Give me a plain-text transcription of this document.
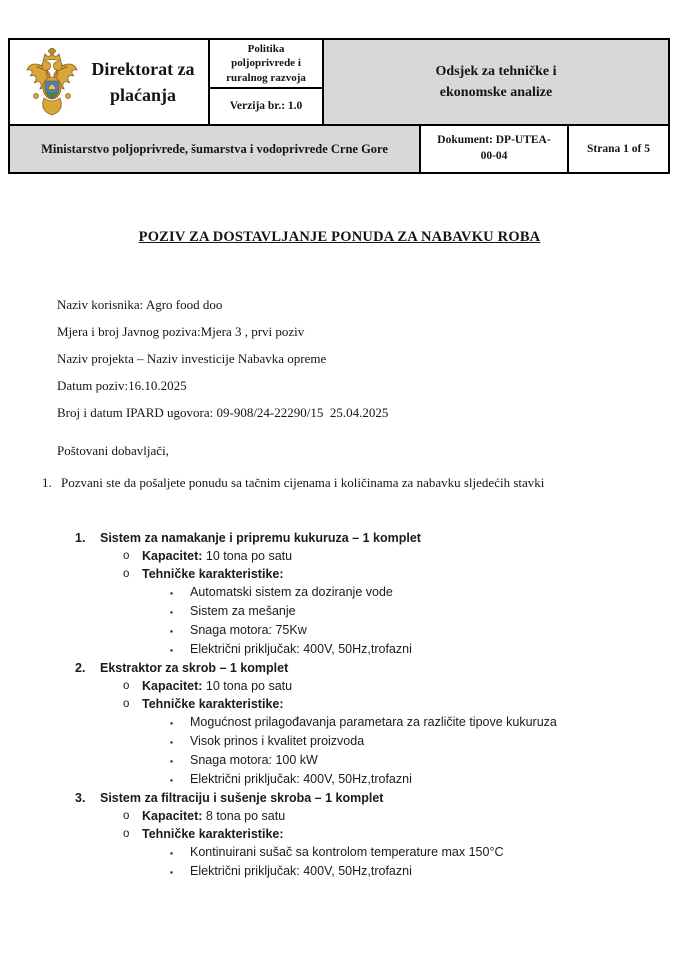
Direktorat za plaćanja
Politika poljoprivrede i ruralnog razvoja
Verzija br.: 1.0
Odsjek za tehničke i ekonomske analize
Ministarstvo poljoprivrede, šumarstva i vodoprivrede Crne Gore
Dokument: DP-UTEA-00-04
Strana 1 of 5
POZIV ZA DOSTAVLJANJE PONUDA ZA NABAVKU ROBA

Naziv korisnika: Agro food doo

Mjera i broj Javnog poziva:Mjera 3 , prvi poziv

Naziv projekta – Naziv investicije Nabavka opreme

Datum poziv:16.10.2025

Broj i datum IPARD ugovora: 09-908/24-22290/15  25.04.2025

Poštovani dobavljači,

1. Pozvani ste da pošaljete ponudu sa tačnim cijenama i količinama za nabavku sljedećih stavki

1.	Sistem za namakanje i pripremu kukuruza – 1 komplet
o	Kapacitet: 10 tona po satu
o	Tehničke karakteristike:
▪	Automatski sistem za doziranje vode
▪	Sistem za mešanje
▪	Snaga motora: 75Kw
▪	Električni priključak: 400V, 50Hz,trofazni
2.	Ekstraktor za skrob – 1 komplet
o	Kapacitet: 10 tona po satu
o	Tehničke karakteristike:
▪	Mogućnost prilagođavanja parametara za različite tipove kukuruza
▪	Visok prinos i kvalitet proizvoda
▪	Snaga motora: 100 kW
▪	Električni priključak: 400V, 50Hz,trofazni
3.	Sistem za filtraciju i sušenje skroba – 1 komplet
o	Kapacitet: 8 tona po satu
o	Tehničke karakteristike:
▪	Kontinuirani sušač sa kontrolom temperature max 150°C
▪	Električni priključak: 400V, 50Hz,trofazni
